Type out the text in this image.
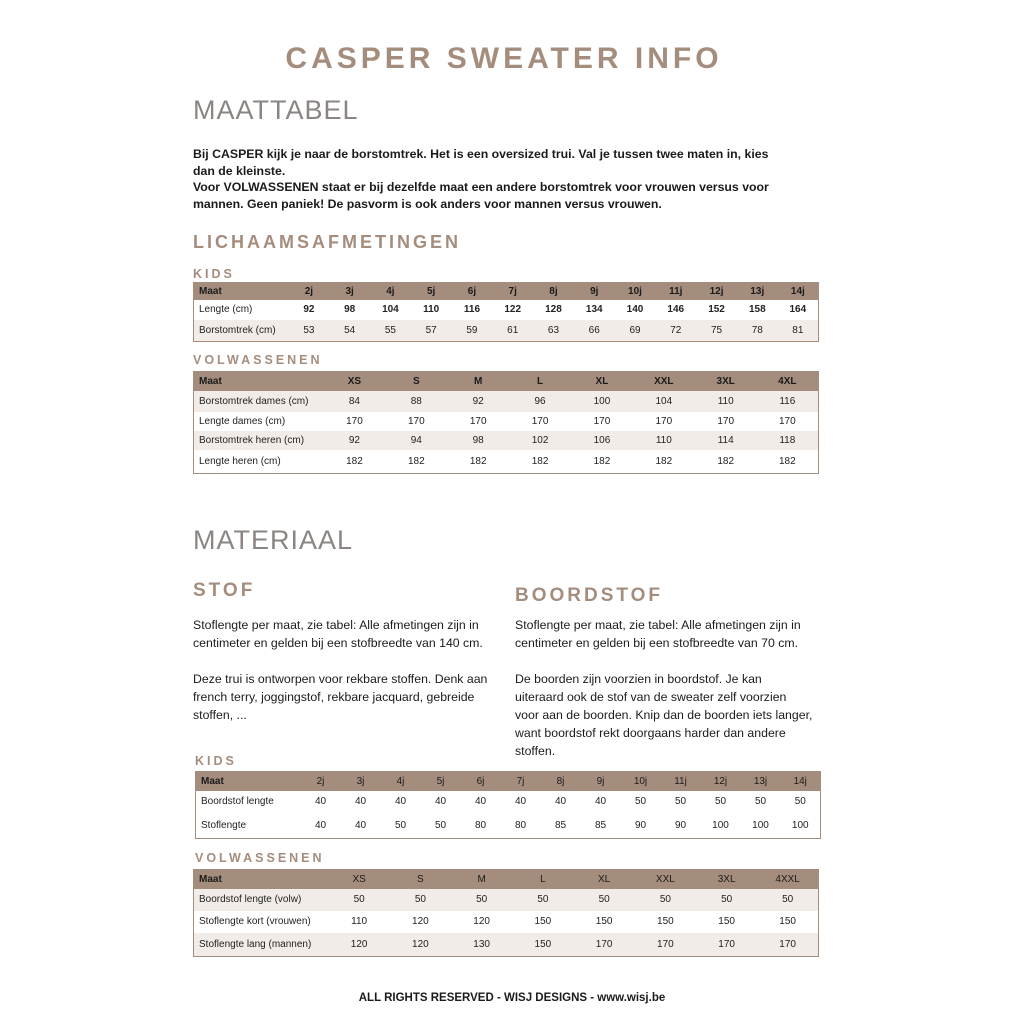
CASPER SWEATER INFO
MAATTABEL
Bij CASPER kijk je naar de borstomtrek. Het is een oversized trui. Val je tussen twee maten in, kies
dan de kleinste.
Voor VOLWASSENEN staat er bij dezelfde maat een andere borstomtrek voor vrouwen versus voor
mannen. Geen paniek! De pasvorm is ook anders voor mannen versus vrouwen.
LICHAAMSAFMETINGEN
KIDS
Maat	2j	3j	4j	5j	6j	7j	8j	9j	10j	11j	12j	13j	14j
Lengte (cm)	92	98	104	110	116	122	128	134	140	146	152	158	164
Borstomtrek (cm)	53	54	55	57	59	61	63	66	69	72	75	78	81
VOLWASSENEN
Maat	XS	S	M	L	XL	XXL	3XL	4XL
Borstomtrek dames (cm)	84	88	92	96	100	104	110	116
Lengte dames (cm)	170	170	170	170	170	170	170	170
Borstomtrek heren (cm)	92	94	98	102	106	110	114	118
Lengte heren (cm)	182	182	182	182	182	182	182	182
MATERIAAL
STOF

Stoflengte per maat, zie tabel: Alle afmetingen zijn in
centimeter en gelden bij een stofbreedte van 140 cm.

Deze trui is ontworpen voor rekbare stoffen. Denk aan
french terry, joggingstof, rekbare jacquard, gebreide
stoffen, ...

BOORDSTOF

Stoflengte per maat, zie tabel: Alle afmetingen zijn in
centimeter en gelden bij een stofbreedte van 70 cm.

De boorden zijn voorzien in boordstof. Je kan
uiteraard ook de stof van de sweater zelf voorzien
voor aan de boorden. Knip dan de boorden iets langer,
want boordstof rekt doorgaans harder dan andere
stoffen.

KIDS
Maat	2j	3j	4j	5j	6j	7j	8j	9j	10j	11j	12j	13j	14j
Boordstof lengte	40	40	40	40	40	40	40	40	50	50	50	50	50
Stoflengte	40	40	50	50	80	80	85	85	90	90	100	100	100
VOLWASSENEN
Maat	XS	S	M	L	XL	XXL	3XL	4XXL
Boordstof lengte (volw)	50	50	50	50	50	50	50	50
Stoflengte kort (vrouwen)	110	120	120	150	150	150	150	150
Stoflengte lang (mannen)	120	120	130	150	170	170	170	170
ALL RIGHTS RESERVED - WISJ DESIGNS - www.wisj.be
